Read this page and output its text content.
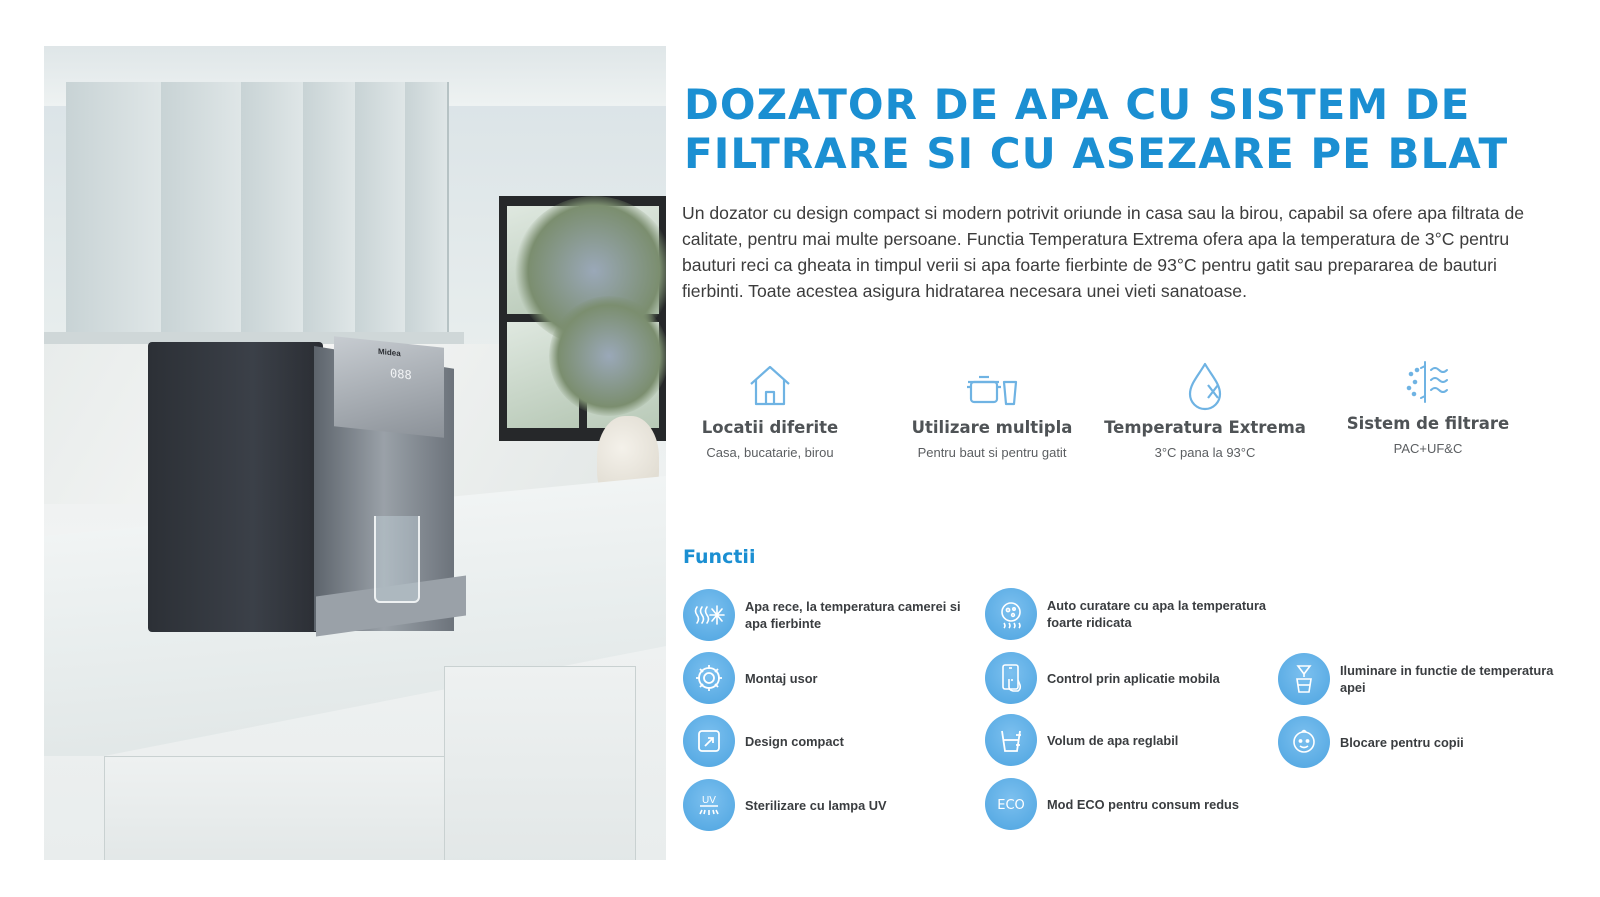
Midea
088
DOZATOR DE APA CU SISTEM DE
FILTRARE SI CU ASEZARE PE BLAT

Un dozator cu design compact si modern potrivit oriunde in casa sau la birou, capabil sa ofere apa filtrata de calitate, pentru mai multe persoane. Functia Temperatura Extrema ofera apa la temperatura de 3°C pentru bauturi reci ca gheata in timpul verii si apa foarte fierbinte de 93°C pentru gatit sau prepararea de bauturi fierbinti. Toate acestea asigura hidratarea necesara unei vieti sanatoase.

Locatii diferite
Casa, bucatarie, birou
Utilizare multipla
Pentru baut si pentru gatit
Temperatura Extrema
3°C pana la 93°C
Sistem de filtrare
PAC+UF&C
Functii
Apa rece, la temperatura camerei si apa fierbinte
Montaj usor
Design compact
UV Sterilizare cu lampa UV
Auto curatare cu apa la temperatura foarte ridicata
Control prin aplicatie mobila
Volum de apa reglabil
ECO Mod ECO pentru consum redus
Iluminare in functie de temperatura apei
Blocare pentru copii
